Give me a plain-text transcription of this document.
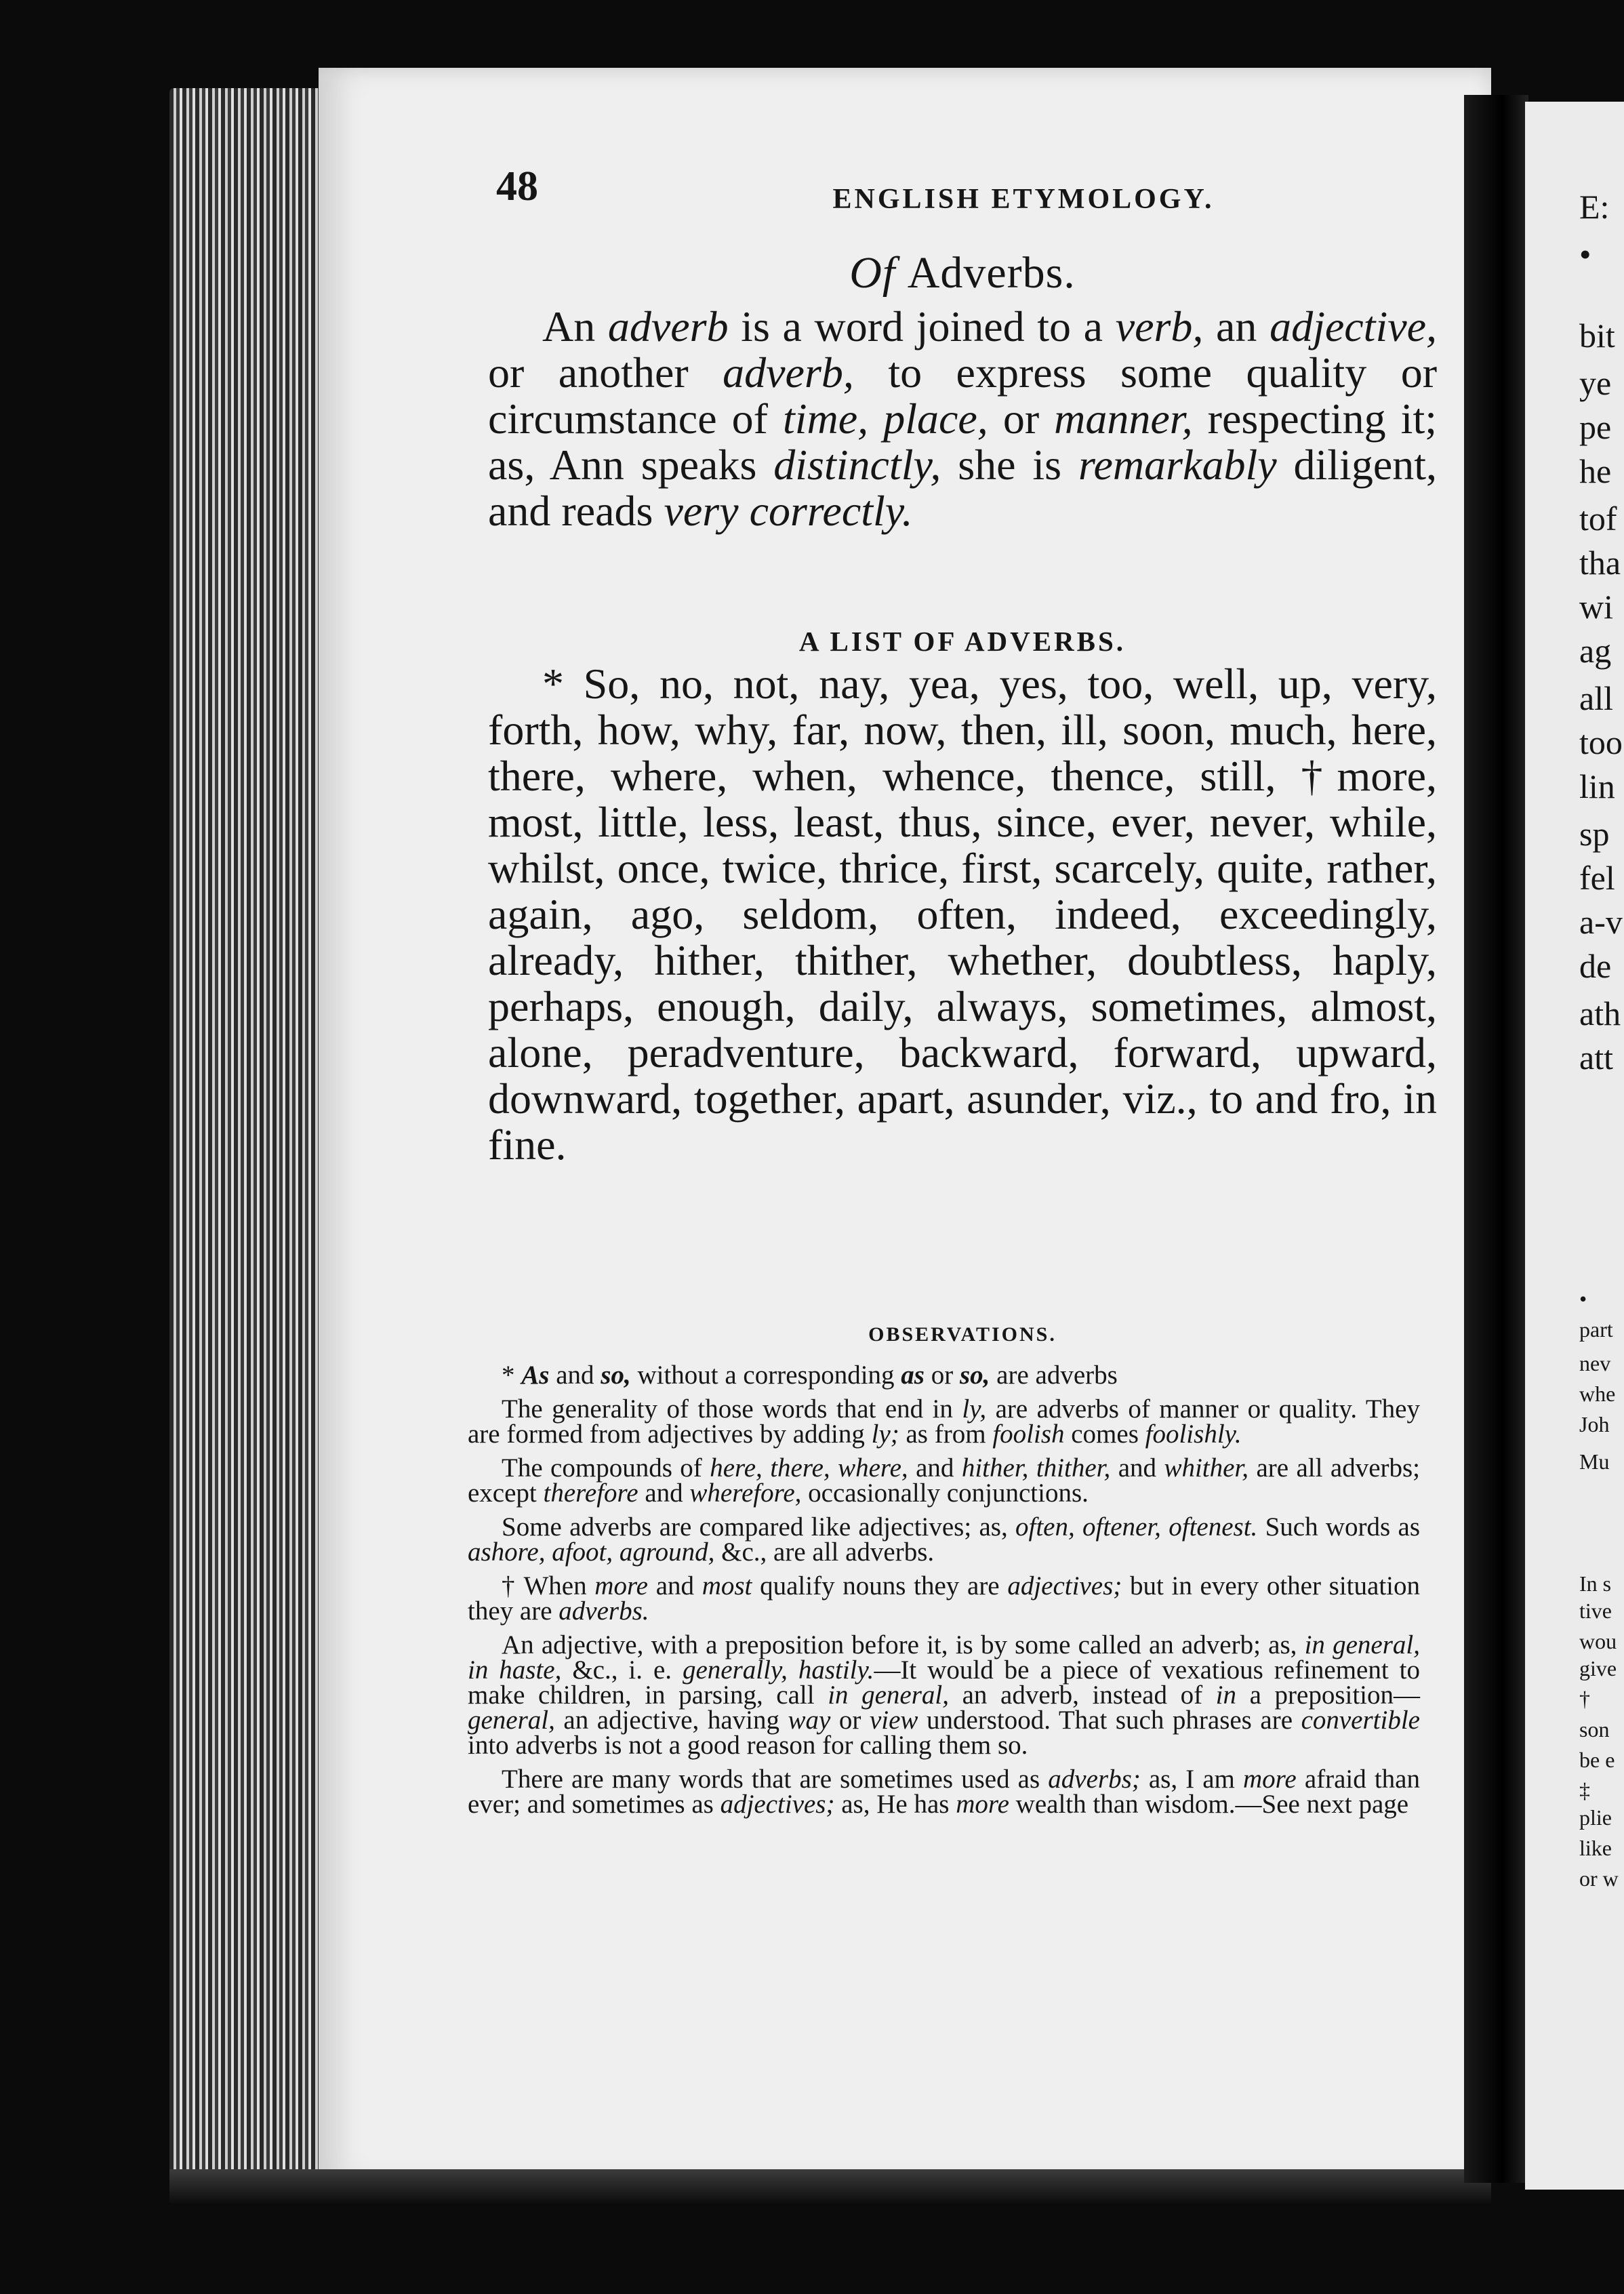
E:
•
bit
ye
pe
he
tof
tha
wi
ag
all
too
lin
sp
fel
a-v
de
ath
att
•
part
nev
whe
Joh
Mu
In s
tive
wou
give
†
son
be e
‡
plie
like
or w
48	ENGLISH ETYMOLOGY.
Of Adverbs.

An adverb is a word joined to a verb, an adjective, or another adverb, to express some quality or circumstance of time, place, or manner, respecting it; as, Ann speaks distinctly, she is remarkably diligent, and reads very correctly.

A LIST OF ADVERBS.

* So, no, not, nay, yea, yes, too, well, up, very, forth, how, why, far, now, then, ill, soon, much, here, there, where, when, whence, thence, still, †more, most, little, less, least, thus, since, ever, never, while, whilst, once, twice, thrice, first, scarcely, quite, rather, again, ago, seldom, often, indeed, exceedingly, already, hither, thither, whether, doubtless, haply, perhaps, enough, daily, always, sometimes, almost, alone, peradventure, backward, forward, upward, downward, together, apart, asunder, viz., to and fro, in fine.

OBSERVATIONS.

* As and so, without a corresponding as or so, are adverbs

The generality of those words that end in ly, are adverbs of manner or quality. They are formed from adjectives by adding ly; as from foolish comes foolishly.

The compounds of here, there, where, and hither, thither, and whither, are all adverbs; except therefore and wherefore, occasionally conjunctions.

Some adverbs are compared like adjectives; as, often, oftener, oftenest. Such words as ashore, afoot, aground, &c., are all adverbs.

† When more and most qualify nouns they are adjectives; but in every other situation they are adverbs.

An adjective, with a preposition before it, is by some called an adverb; as, in general, in haste, &c., i. e. generally, hastily.—It would be a piece of vexatious refinement to make children, in parsing, call in general, an adverb, instead of in a preposition—general, an adjective, having way or view understood. That such phrases are convertible into adverbs is not a good reason for calling them so.

There are many words that are sometimes used as adverbs; as, I am more afraid than ever; and sometimes as adjectives; as, He has more wealth than wisdom.—See next page
